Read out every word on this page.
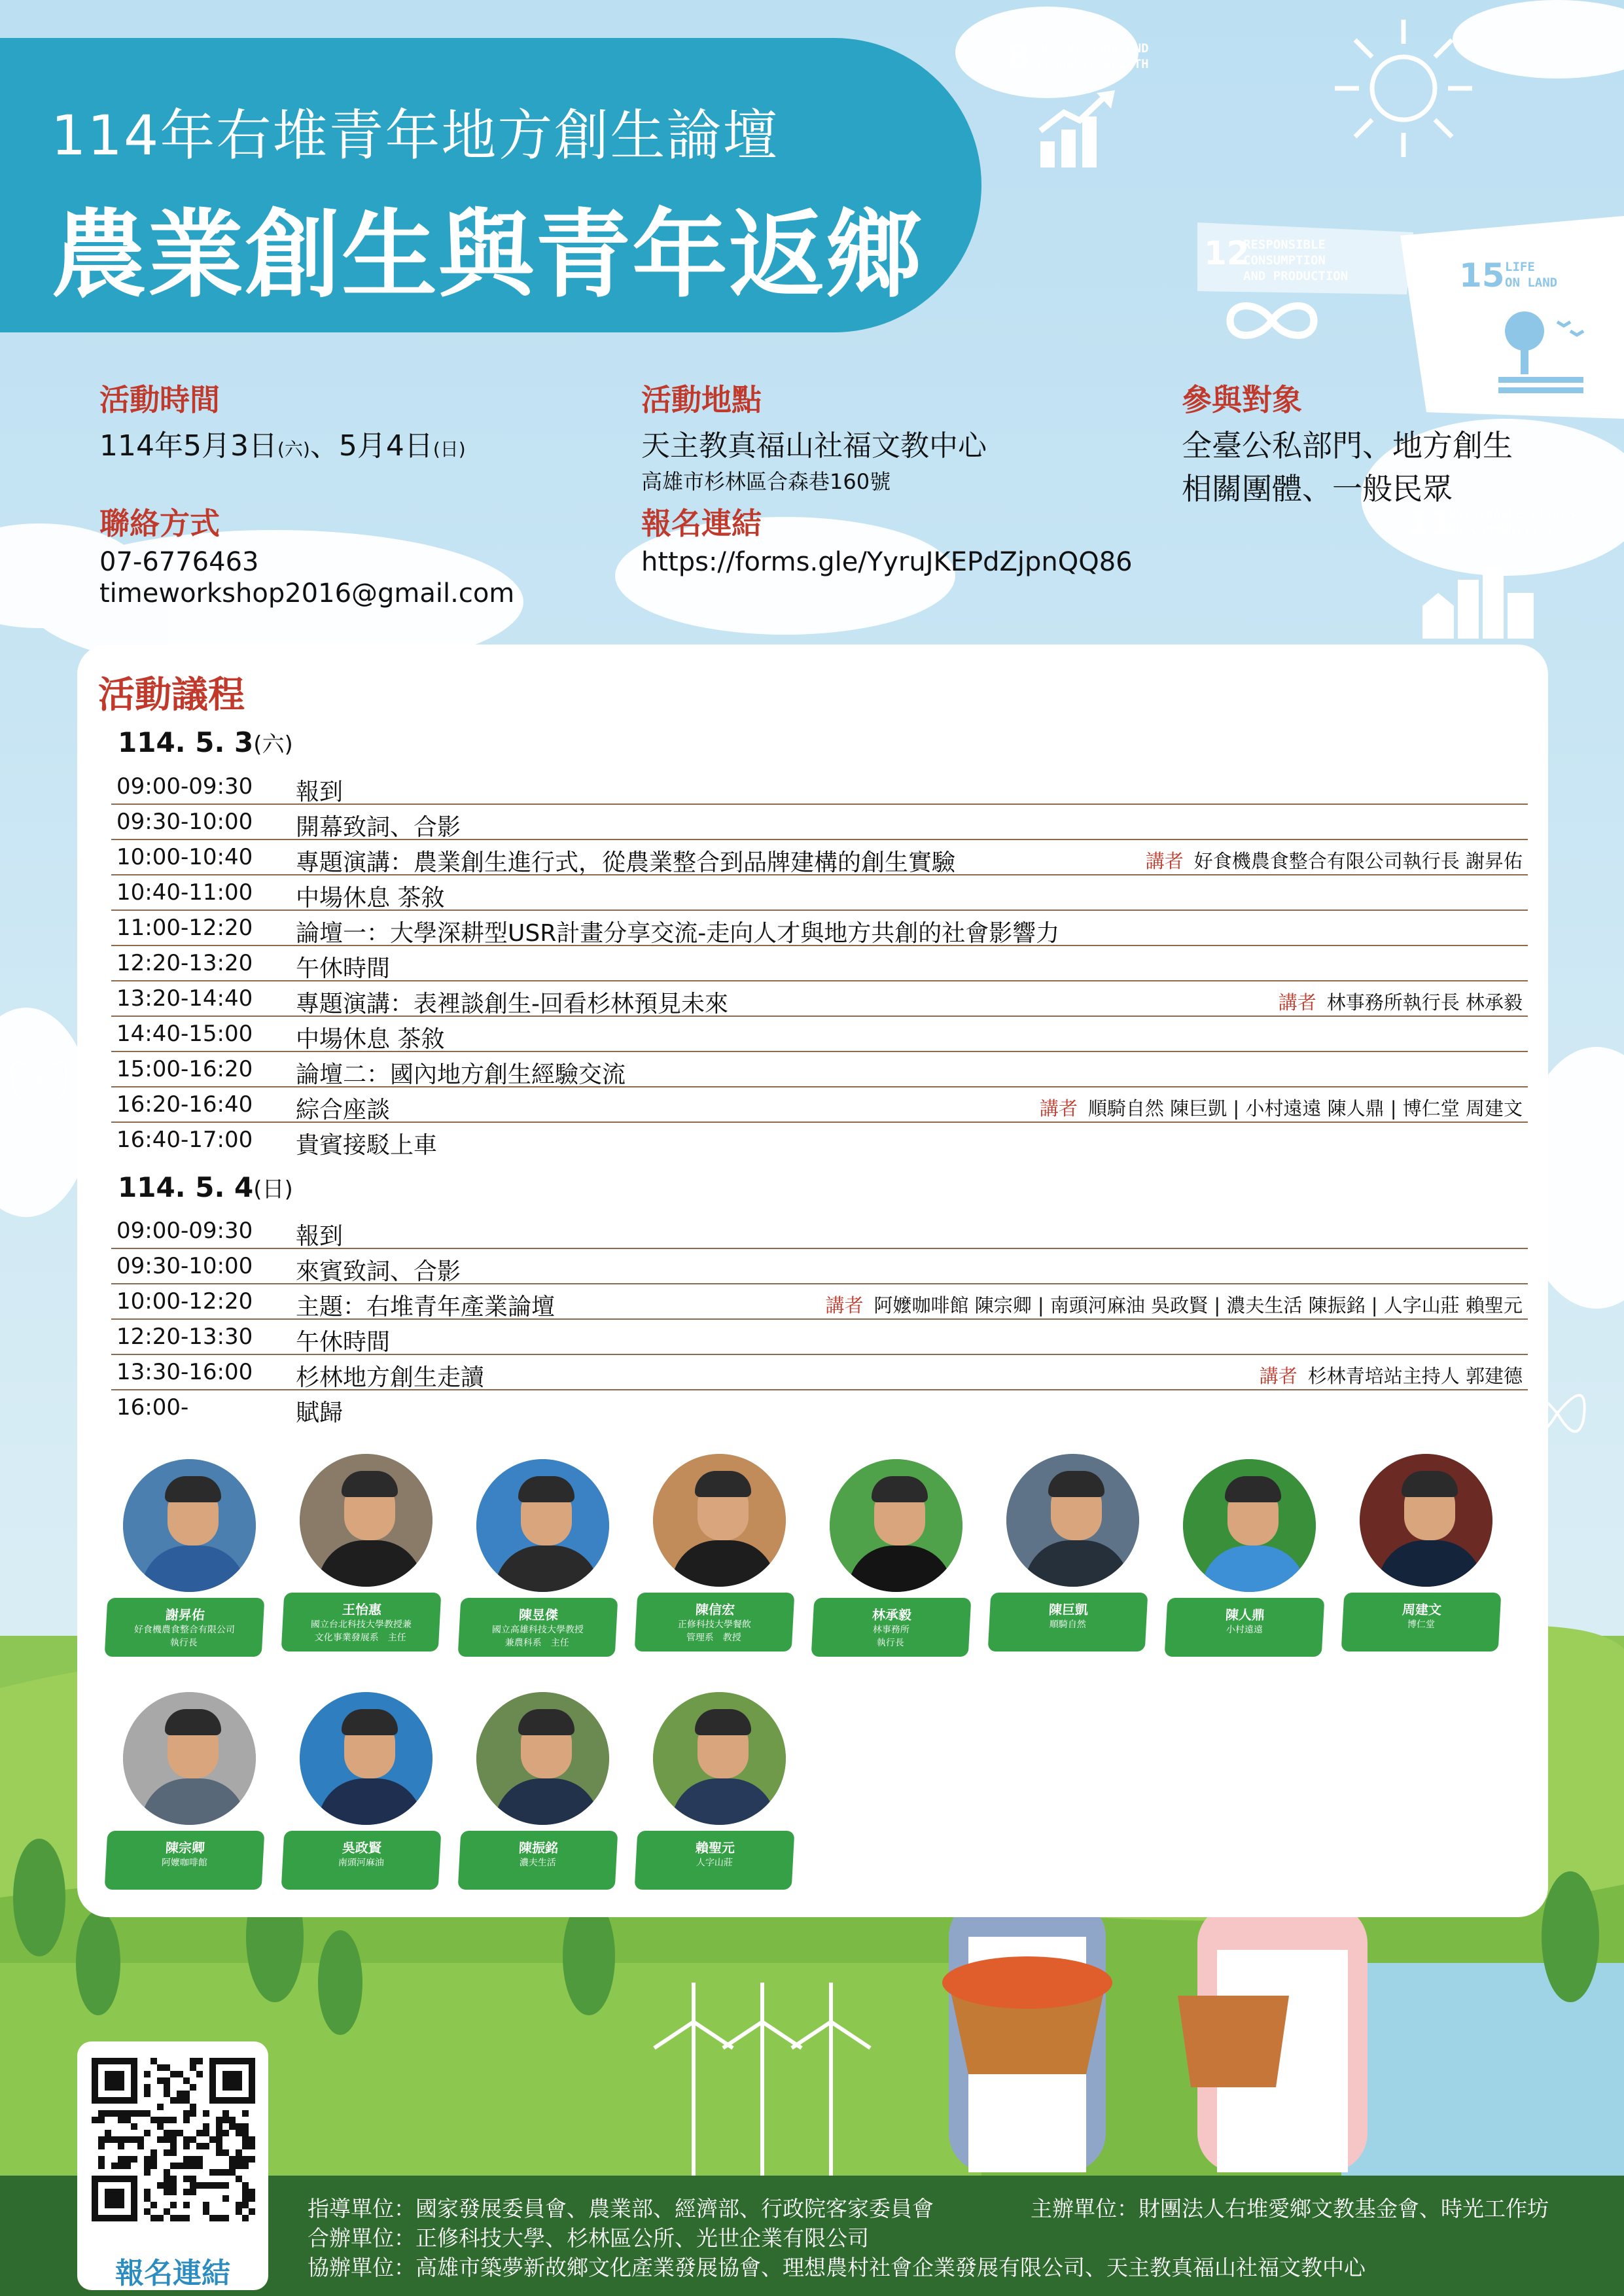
114年右堆青年地方創生論壇
農業創生與青年返鄉
8 DECENT WORK AND
ECONOMIC GROWTH
12
RESPONSIBLE
CONSUMPTION
AND PRODUCTION	15 LIFE
ON LAND
11
SUSTAINABLE CITIES
AND COMMUNITIES
活動時間
114年5月3日(六)、5月4日(日)
活動地點
天主教真福山社福文教中心
高雄市杉林區合森巷160號
參與對象
全臺公私部門、地方創生
相關團體、一般民眾
聯絡方式
07-6776463
timeworkshop2016@gmail.com
報名連結
https://forms.gle/YyruJKEPdZjpnQQ86
活動議程
114. 5. 3(六)
09:00-09:30 報到
09:30-10:00 開幕致詞、合影
10:00-10:40 專題演講：農業創生進行式，從農業整合到品牌建構的創生實驗	講者 好食機農食整合有限公司執行長 謝昇佑
10:40-11:00 中場休息 茶敘
11:00-12:20 論壇一：大學深耕型USR計畫分享交流-走向人才與地方共創的社會影響力
12:20-13:20 午休時間
13:20-14:40 專題演講：表裡談創生-回看杉林預見未來	講者 林事務所執行長 林承毅
14:40-15:00 中場休息 茶敘
15:00-16:20 論壇二：國內地方創生經驗交流
16:20-16:40 綜合座談	講者 順騎自然 陳巨凱 | 小村遠遠 陳人鼎 | 博仁堂 周建文
16:40-17:00 貴賓接駁上車
114. 5. 4(日)
09:00-09:30 報到
09:30-10:00 來賓致詞、合影
10:00-12:20 主題：右堆青年產業論壇	講者 阿嬤咖啡館 陳宗卿 | 南頭河麻油 吳政賢 | 濃夫生活 陳振銘 | 人字山莊 賴聖元
12:20-13:30 午休時間
13:30-16:00 杉林地方創生走讀	講者 杉林青培站主持人 郭建德
16:00-	賦歸
謝昇佑
好食機農食整合有限公司
執行長
王怡惠
國立台北科技大學教授兼
文化事業發展系　主任
陳昱傑
國立高雄科技大學教授
兼農科系　主任
陳信宏
正修科技大學餐飲
管理系　教授
林承毅
林事務所
執行長
陳巨凱
順騎自然
陳人鼎
小村遠遠
周建文
博仁堂
陳宗卿
阿嬤咖啡館
吳政賢
南頭河麻油
陳振銘
濃夫生活
賴聖元
人字山莊
指導單位：國家發展委員會、農業部、經濟部、行政院客家委員會	主辦單位：財團法人右堆愛鄉文教基金會、時光工作坊
合辦單位：正修科技大學、杉林區公所、光世企業有限公司
協辦單位：高雄市築夢新故鄉文化產業發展協會、理想農村社會企業發展有限公司、天主教真福山社福文教中心
報名連結
